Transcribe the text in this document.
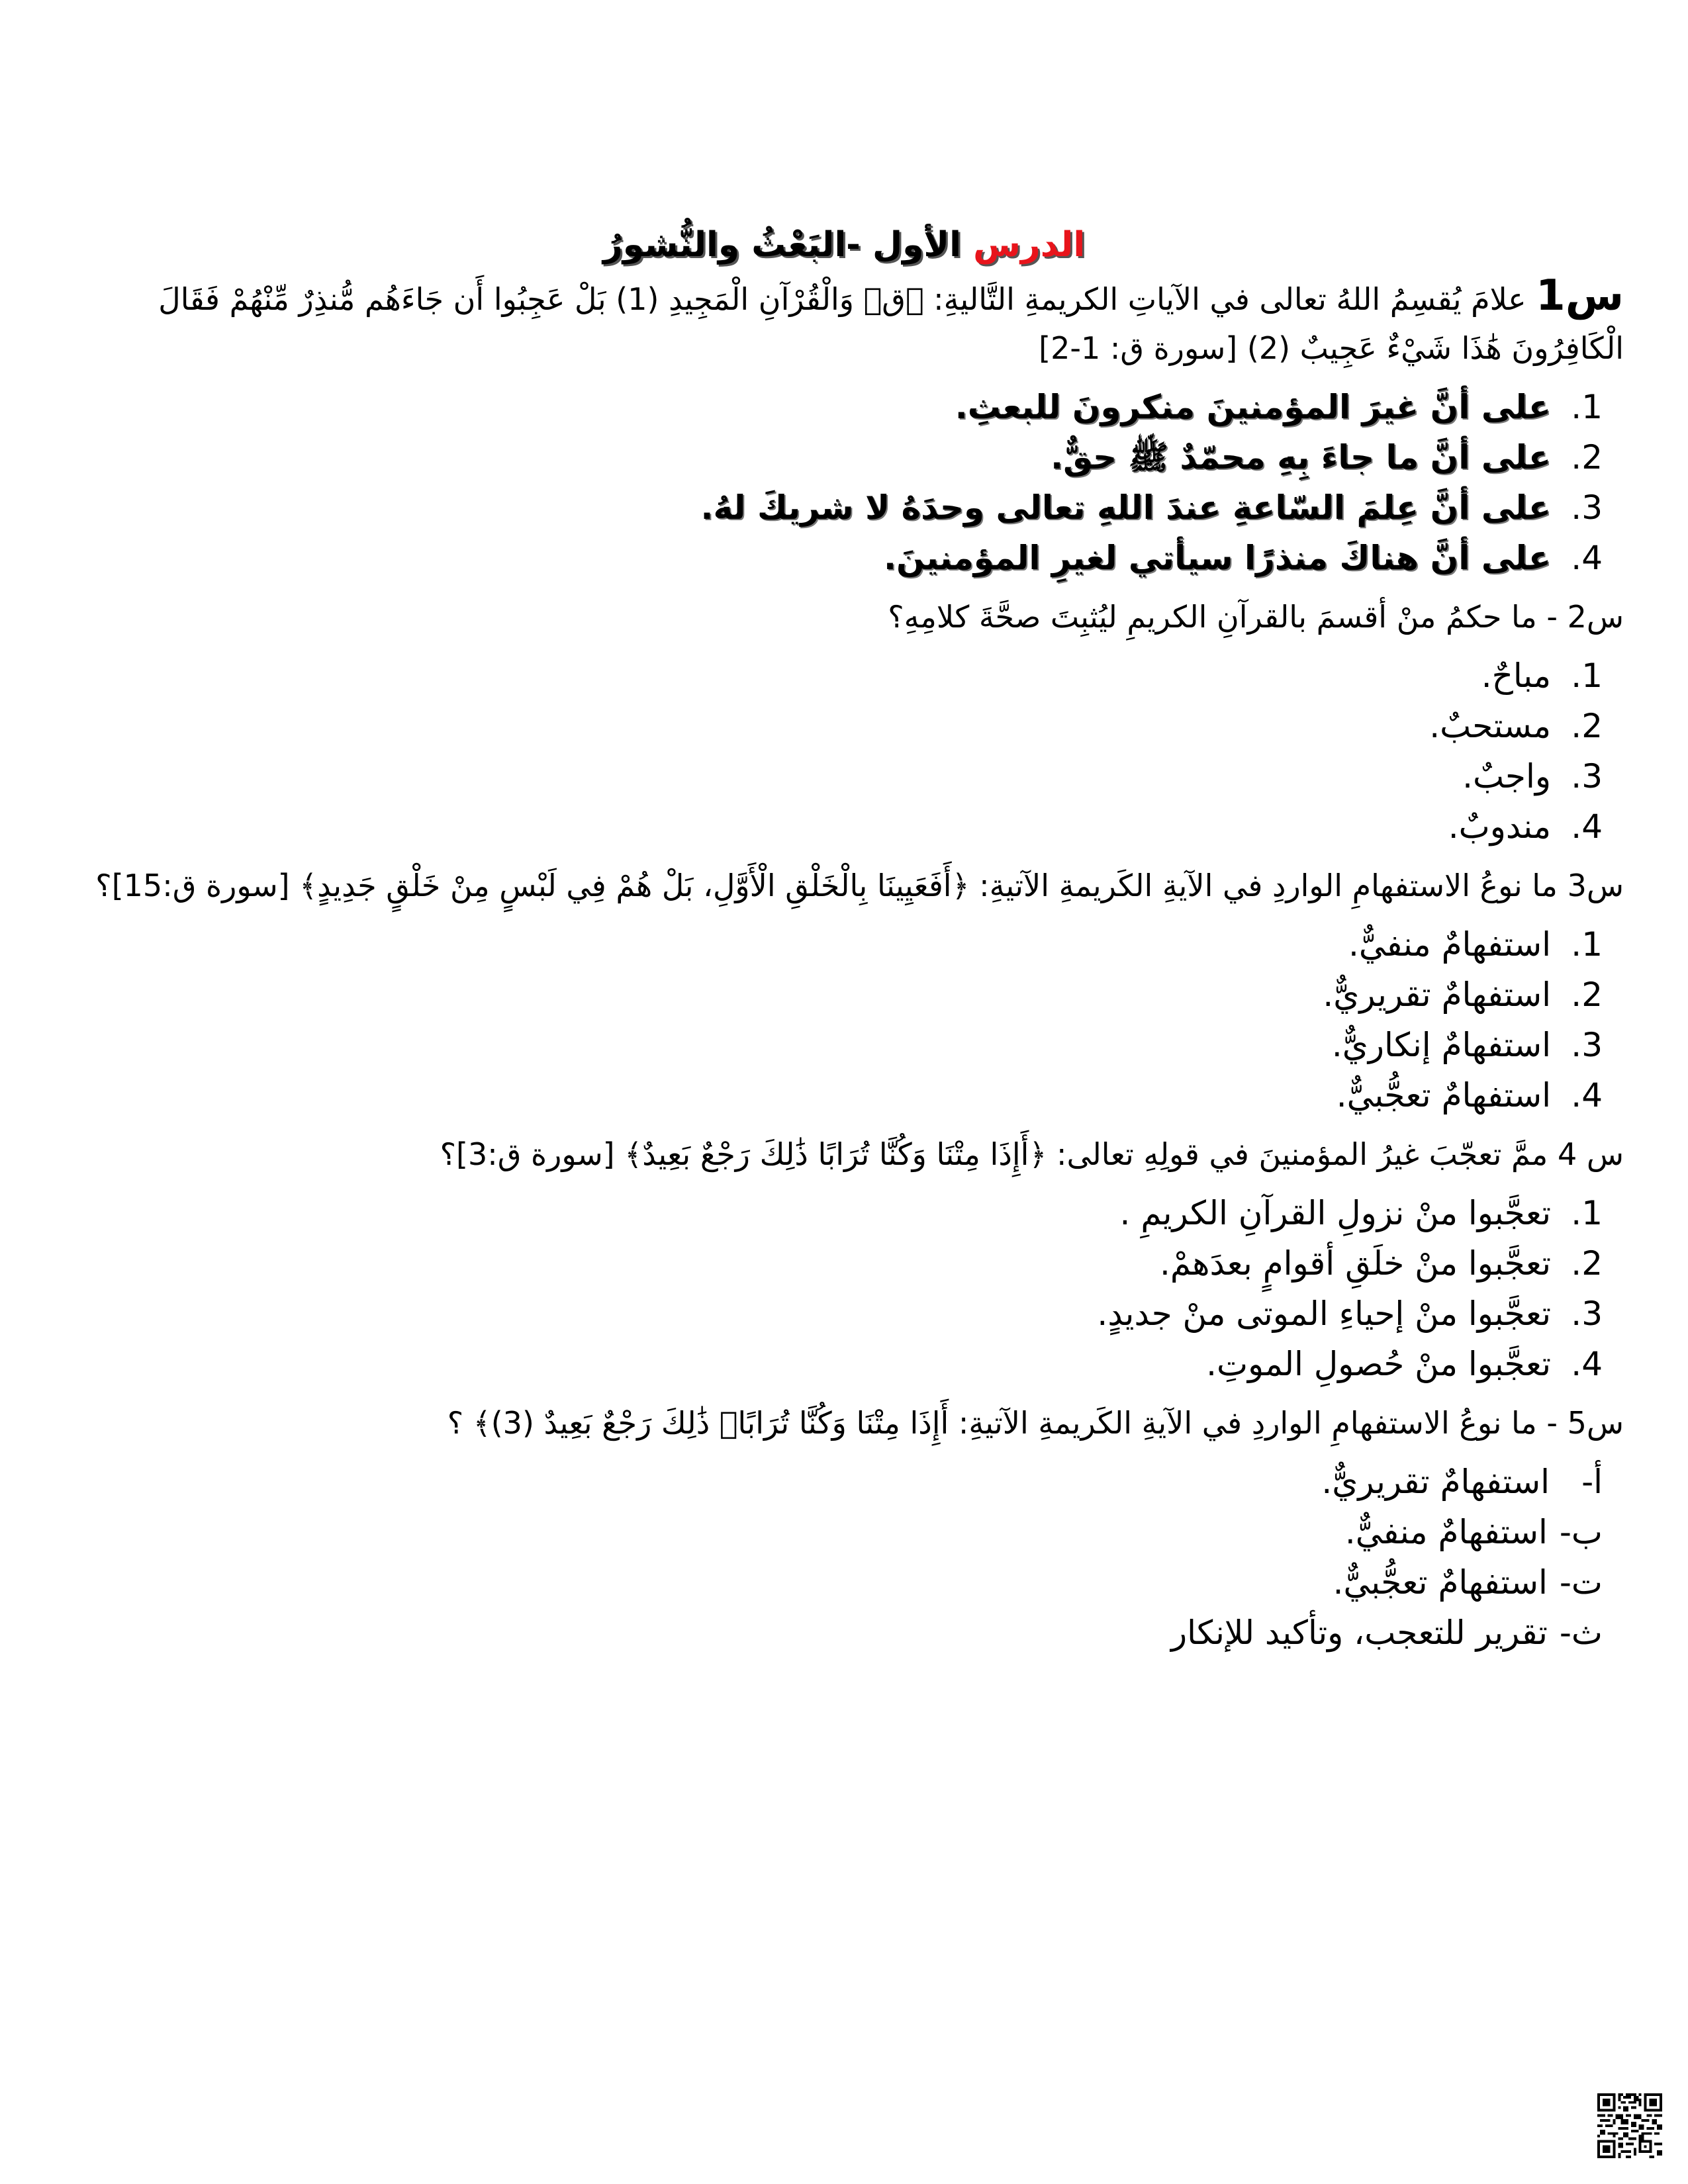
الدرس الأول -البَعْثُ والنُّشورُ

س1 علامَ يُقسِمُ اللهُ تعالى في الآياتِ الكريمةِ التَّاليةِ: ﴿قۚ وَالْقُرْآنِ الْمَجِيدِ (1) بَلْ عَجِبُوا أَن جَاءَهُم مُّنذِرٌ مِّنْهُمْ فَقَالَ الْكَافِرُونَ هَٰذَا شَيْءٌ عَجِيبٌ (2) [سورة ق: 1-2]

1.
على أنَّ غيرَ المؤمنينَ منكرونَ للبعثِ.
2.
على أنَّ ما جاءَ بِهِ محمّدٌ ﷺ حقٌّ.
3.
على أنَّ عِلمَ السّاعةِ عندَ اللهِ تعالى وحدَهُ لا شريكَ لهُ.
4.
على أنَّ هناكَ منذرًا سيأتي لغيرِ المؤمنينَ.

س2 - ما حكمُ منْ أقسمَ بالقرآنِ الكريمِ ليُثبِتَ صحَّةَ كلامِهِ؟

1.
مباحٌ.
2.
مستحبٌ.
3.
واجبٌ.
4.
مندوبٌ.

س3 ما نوعُ الاستفهامِ الواردِ في الآيةِ الكَريمةِ الآتيةِ: ﴿أَفَعَيِينَا بِالْخَلْقِ الْأَوَّلِ، بَلْ هُمْ فِي لَبْسٍ مِنْ خَلْقٍ جَدِيدٍ﴾ [سورة ق:15]؟

1.
استفهامٌ منفيٌّ.
2.
استفهامٌ تقريريٌّ.
3.
استفهامٌ إنكاريٌّ.
4.
استفهامٌ تعجُّبيٌّ.

س 4 ممَّ تعجّبَ غيرُ المؤمنينَ في قولِهِ تعالى: ﴿أَإِذَا مِتْنَا وَكُنَّا تُرَابًا ذَٰلِكَ رَجْعٌ بَعِيدٌ﴾ [سورة ق:3]؟

1.
تعجَّبوا منْ نزولِ القرآنِ الكريمِ .
2.
تعجَّبوا منْ خلَقِ أقوامٍ بعدَهمْ.
3.
تعجَّبوا منْ إحياءِ الموتى منْ جديدٍ.
4.
تعجَّبوا منْ حُصولِ الموتِ.

س5 - ما نوعُ الاستفهامِ الواردِ في الآيةِ الكَريمةِ الآتيةِ: أَإِذَا مِتْنَا وَكُنَّا تُرَابًاۖ ذَٰلِكَ رَجْعٌ بَعِيدٌ (3)﴾ ؟

أ-
استفهامٌ تقريريٌّ.
ب-
استفهامٌ منفيٌّ.
ت-
استفهامٌ تعجُّبيٌّ.
ث-
تقرير للتعجب، وتأكيد للإنكار
